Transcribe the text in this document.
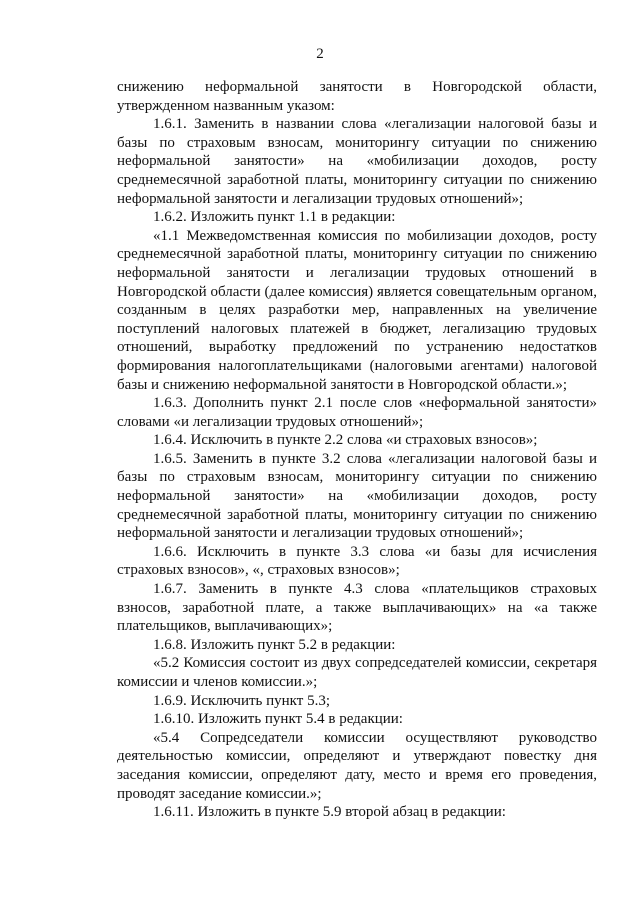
2

снижению неформальной занятости в Новгородской области, утвержденном названным указом:

1.6.1. Заменить в названии слова «легализации налоговой базы и базы по страховым взносам, мониторингу ситуации по снижению неформальной занятости» на «мобилизации доходов, росту среднемесячной заработной платы, мониторингу ситуации по снижению неформальной занятости и легализации трудовых отношений»;

1.6.2. Изложить пункт 1.1 в редакции:

«1.1 Межведомственная комиссия по мобилизации доходов, росту среднемесячной заработной платы, мониторингу ситуации по снижению неформальной занятости и легализации трудовых отношений в Новгородской области (далее комиссия) является совещательным органом, созданным в целях разработки мер, направленных на увеличение поступлений налоговых платежей в бюджет, легализацию трудовых отношений, выработку предложений по устранению недостатков формирования налогоплательщиками (налоговыми агентами) налоговой базы и снижению неформальной занятости в Новгородской области.»;

1.6.3. Дополнить пункт 2.1 после слов «неформальной занятости» словами «и легализации трудовых отношений»;

1.6.4. Исключить в пункте 2.2 слова «и страховых взносов»;

1.6.5. Заменить в пункте 3.2 слова «легализации налоговой базы и базы по страховым взносам, мониторингу ситуации по снижению неформальной занятости» на «мобилизации доходов, росту среднемесячной заработной платы, мониторингу ситуации по снижению неформальной занятости и легализации трудовых отношений»;

1.6.6. Исключить в пункте 3.3 слова «и базы для исчисления страховых взносов», «, страховых взносов»;

1.6.7. Заменить в пункте 4.3 слова «плательщиков страховых взносов, заработной плате, а также выплачивающих» на «а также плательщиков, выплачивающих»;

1.6.8. Изложить пункт 5.2 в редакции:

«5.2 Комиссия состоит из двух сопредседателей комиссии, секретаря комиссии и членов комиссии.»;

1.6.9. Исключить пункт 5.3;

1.6.10. Изложить пункт 5.4 в редакции:

«5.4 Сопредседатели комиссии осуществляют руководство деятельностью комиссии, определяют и утверждают повестку дня заседания комиссии, определяют дату, место и время его проведения, проводят заседание комиссии.»;

1.6.11. Изложить в пункте 5.9 второй абзац в редакции:
